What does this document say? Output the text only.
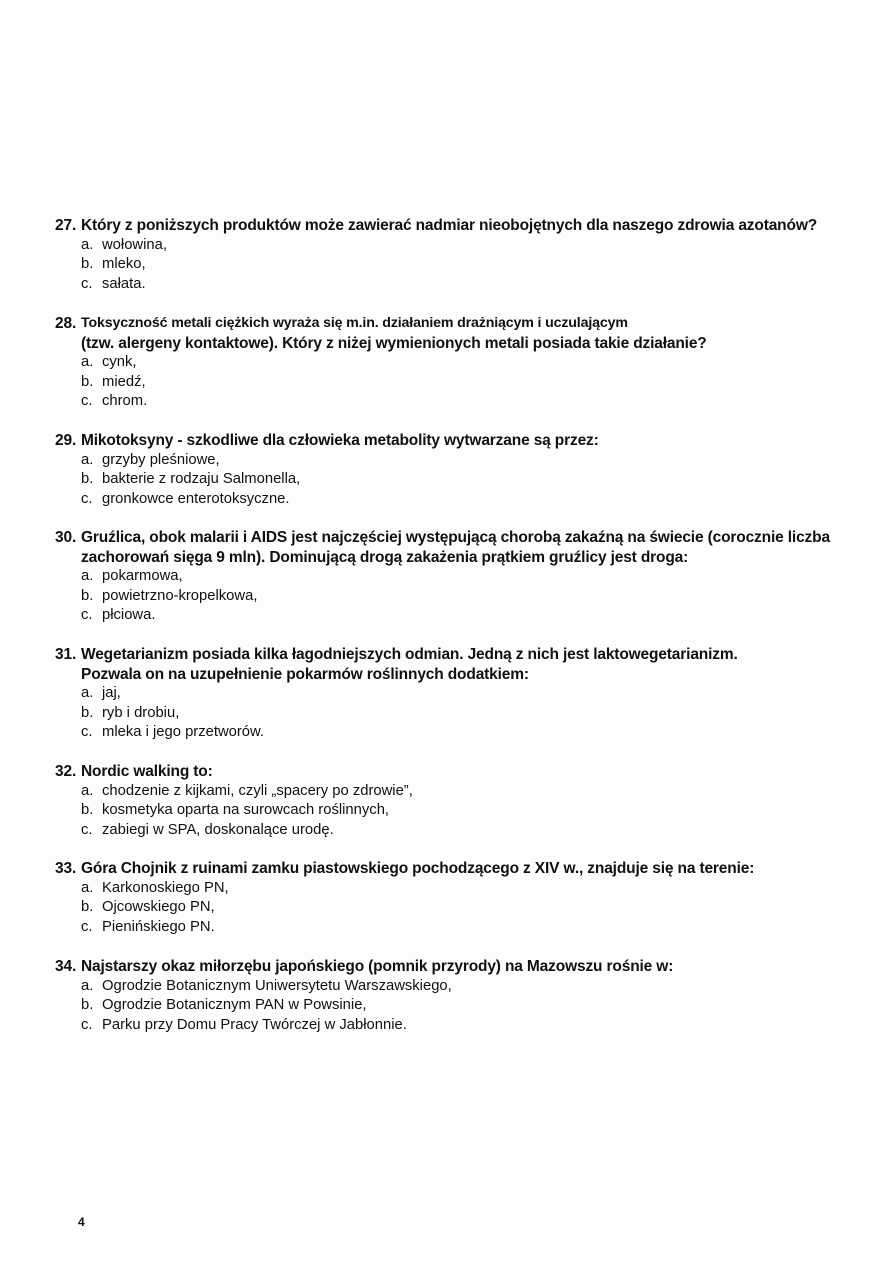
27. Który z poniższych produktów może zawierać nadmiar nieobojętnych dla naszego zdrowia azotanów?
a. wołowina,
b. mleko,
c. sałata.
28. Toksyczność metali ciężkich wyraża się m.in. działaniem drażniącym i uczulającym
(tzw. alergeny kontaktowe). Który z niżej wymienionych metali posiada takie działanie?
a. cynk,
b. miedź,
c. chrom.
29. Mikotoksyny - szkodliwe dla człowieka metabolity wytwarzane są przez:
a. grzyby pleśniowe,
b. bakterie z rodzaju Salmonella,
c. gronkowce enterotoksyczne.
30. Gruźlica, obok malarii i AIDS jest najczęściej występującą chorobą zakaźną na świecie (corocznie liczba
zachorowań sięga 9 mln). Dominującą drogą zakażenia prątkiem gruźlicy jest droga:
a. pokarmowa,
b. powietrzno-kropelkowa,
c. płciowa.
31. Wegetarianizm posiada kilka łagodniejszych odmian. Jedną z nich jest laktowegetarianizm.
Pozwala on na uzupełnienie pokarmów roślinnych dodatkiem:
a. jaj,
b. ryb i drobiu,
c. mleka i jego przetworów.
32. Nordic walking to:
a. chodzenie z kijkami, czyli „spacery po zdrowie”,
b. kosmetyka oparta na surowcach roślinnych,
c. zabiegi w SPA, doskonalące urodę.
33. Góra Chojnik z ruinami zamku piastowskiego pochodzącego z XIV w., znajduje się na terenie:
a. Karkonoskiego PN,
b. Ojcowskiego PN,
c. Pienińskiego PN.
34. Najstarszy okaz miłorzębu japońskiego (pomnik przyrody) na Mazowszu rośnie w:
a. Ogrodzie Botanicznym Uniwersytetu Warszawskiego,
b. Ogrodzie Botanicznym PAN w Powsinie,
c. Parku przy Domu Pracy Twórczej w Jabłonnie.
4
